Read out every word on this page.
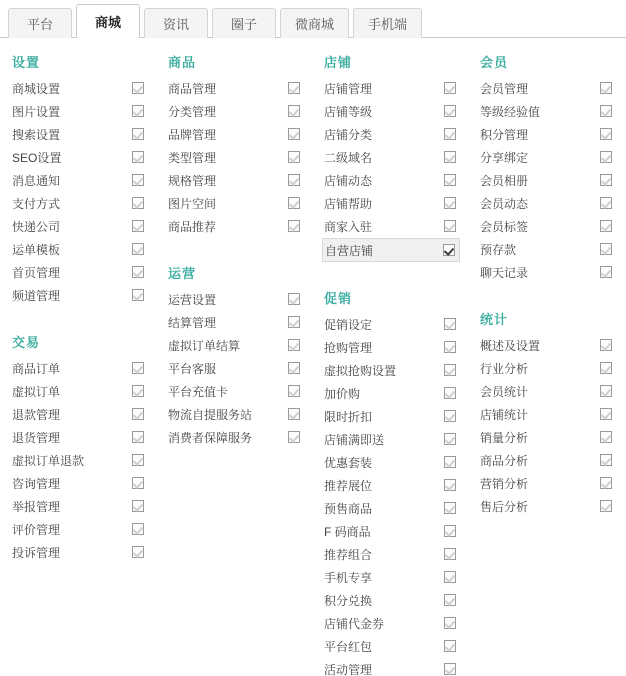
平台	商城	资讯	圈子	微商城	手机端
设置
商城设置
图片设置
搜索设置
SEO设置
消息通知
支付方式
快递公司
运单模板
首页管理
频道管理
交易
商品订单
虚拟订单
退款管理
退货管理
虚拟订单退款
咨询管理
举报管理
评价管理
投诉管理
商品
商品管理
分类管理
品牌管理
类型管理
规格管理
图片空间
商品推荐
运营
运营设置
结算管理
虚拟订单结算
平台客服
平台充值卡
物流自提服务站
消费者保障服务
店铺
店铺管理
店铺等级
店铺分类
二级域名
店铺动态
店铺帮助
商家入驻
自营店铺
促销
促销设定
抢购管理
虚拟抢购设置
加价购
限时折扣
店铺满即送
优惠套装
推荐展位
预售商品
F 码商品
推荐组合
手机专享
积分兑换
店铺代金券
平台红包
活动管理
会员
会员管理
等级经验值
积分管理
分享绑定
会员相册
会员动态
会员标签
预存款
聊天记录
统计
概述及设置
行业分析
会员统计
店铺统计
销量分析
商品分析
营销分析
售后分析
